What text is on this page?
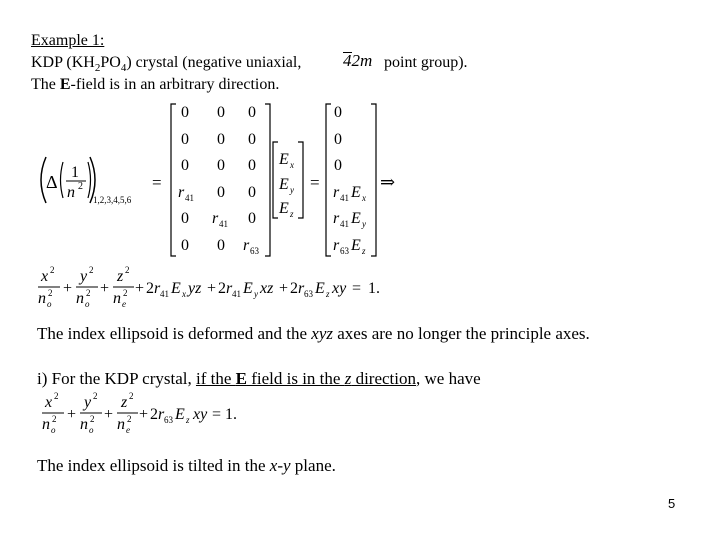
Example 1:
KDP $(KH_2PO_4)$ crystal (negative uniaxial, 42m point group).
The E-field is in an arbitrary direction.
Δ 1
n 2
1,2,3,4,5,6
=
0 0 0
0 0 0
0 0 0
r 41 0 0
0 r 41 0
0 0 r 63
E x
E y
E z
=
0
0
0
r 41 E x
r 41 E y
r 63 E z
⇒
x 2
n o
2 +
y 2
n o
2 +
z 2
n e
2 + 2 r 41 E x yz + 2 r 41 E y xz + 2 r 63 E z xy = 1.
The index ellipsoid is deformed and the xyz axes are no longer the principle axes.
i) For the KDP crystal, if the E field is in the z direction, we have
x 2
n o
2 +
y 2
n o
2 +
z 2
n e
2 + 2 r 63 E z xy = 1.
The index ellipsoid is tilted in the x-y plane.
5
